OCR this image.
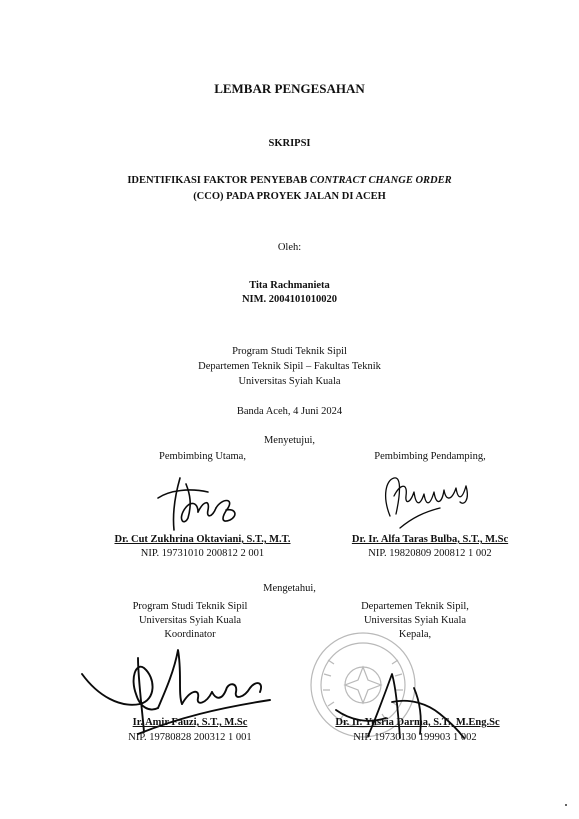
LEMBAR PENGESAHAN
SKRIPSI
IDENTIFIKASI FAKTOR PENYEBAB CONTRACT CHANGE ORDER
(CCO) PADA PROYEK JALAN DI ACEH
Oleh:
Tita Rachmanieta
NIM. 2004101010020
Program Studi Teknik Sipil
Departemen Teknik Sipil – Fakultas Teknik
Universitas Syiah Kuala
Banda Aceh, 4 Juni 2024
Menyetujui,
Pembimbing Utama,	Pembimbing Pendamping,
Dr. Cut Zukhrina Oktaviani, S.T., M.T.
NIP. 19731010 200812 2 001
Dr. Ir. Alfa Taras Bulba, S.T., M.Sc
NIP. 19820809 200812 1 002
Mengetahui,
Program Studi Teknik Sipil
Universitas Syiah Kuala
Koordinator
Departemen Teknik Sipil,
Universitas Syiah Kuala
Kepala,
Ir. Amir Fauzi, S.T., M.Sc
NIP. 19780828 200312 1 001
Dr. Ir. Yusria Darma, S.T., M.Eng.Sc
NIP. 19730130 199903 1 002
